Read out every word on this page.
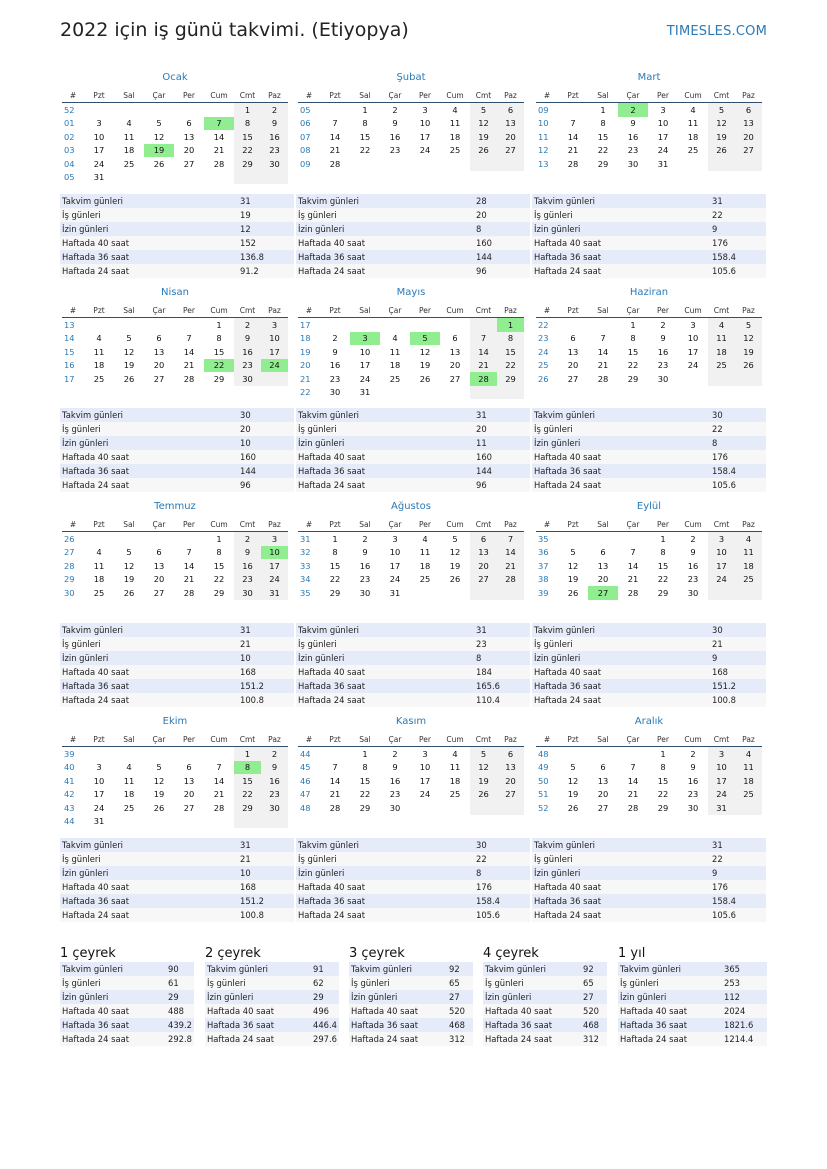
2022 için iş günü takvimi. (Etiyopya)	TIMESLES.COM
Ocak
#	Pzt	Sal	Çar	Per	Cum	Cmt	Paz
52						1	2
01	3	4	5	6	7	8	9
02	10	11	12	13	14	15	16
03	17	18	19	20	21	22	23
04	24	25	26	27	28	29	30
05	31						
Takvim günleri	31
İş günleri	19
İzin günleri	12
Haftada 40 saat	152
Haftada 36 saat	136.8
Haftada 24 saat	91.2
Şubat
#	Pzt	Sal	Çar	Per	Cum	Cmt	Paz
05		1	2	3	4	5	6
06	7	8	9	10	11	12	13
07	14	15	16	17	18	19	20
08	21	22	23	24	25	26	27
09	28						
Takvim günleri	28
İş günleri	20
İzin günleri	8
Haftada 40 saat	160
Haftada 36 saat	144
Haftada 24 saat	96
Mart
#	Pzt	Sal	Çar	Per	Cum	Cmt	Paz
09		1	2	3	4	5	6
10	7	8	9	10	11	12	13
11	14	15	16	17	18	19	20
12	21	22	23	24	25	26	27
13	28	29	30	31			
Takvim günleri	31
İş günleri	22
İzin günleri	9
Haftada 40 saat	176
Haftada 36 saat	158.4
Haftada 24 saat	105.6
Nisan
#	Pzt	Sal	Çar	Per	Cum	Cmt	Paz
13					1	2	3
14	4	5	6	7	8	9	10
15	11	12	13	14	15	16	17
16	18	19	20	21	22	23	24
17	25	26	27	28	29	30	
Takvim günleri	30
İş günleri	20
İzin günleri	10
Haftada 40 saat	160
Haftada 36 saat	144
Haftada 24 saat	96
Mayıs
#	Pzt	Sal	Çar	Per	Cum	Cmt	Paz
17							1
18	2	3	4	5	6	7	8
19	9	10	11	12	13	14	15
20	16	17	18	19	20	21	22
21	23	24	25	26	27	28	29
22	30	31					
Takvim günleri	31
İş günleri	20
İzin günleri	11
Haftada 40 saat	160
Haftada 36 saat	144
Haftada 24 saat	96
Haziran
#	Pzt	Sal	Çar	Per	Cum	Cmt	Paz
22			1	2	3	4	5
23	6	7	8	9	10	11	12
24	13	14	15	16	17	18	19
25	20	21	22	23	24	25	26
26	27	28	29	30			
Takvim günleri	30
İş günleri	22
İzin günleri	8
Haftada 40 saat	176
Haftada 36 saat	158.4
Haftada 24 saat	105.6
Temmuz
#	Pzt	Sal	Çar	Per	Cum	Cmt	Paz
26					1	2	3
27	4	5	6	7	8	9	10
28	11	12	13	14	15	16	17
29	18	19	20	21	22	23	24
30	25	26	27	28	29	30	31
Takvim günleri	31
İş günleri	21
İzin günleri	10
Haftada 40 saat	168
Haftada 36 saat	151.2
Haftada 24 saat	100.8
Ağustos
#	Pzt	Sal	Çar	Per	Cum	Cmt	Paz
31	1	2	3	4	5	6	7
32	8	9	10	11	12	13	14
33	15	16	17	18	19	20	21
34	22	23	24	25	26	27	28
35	29	30	31				
Takvim günleri	31
İş günleri	23
İzin günleri	8
Haftada 40 saat	184
Haftada 36 saat	165.6
Haftada 24 saat	110.4
Eylül
#	Pzt	Sal	Çar	Per	Cum	Cmt	Paz
35				1	2	3	4
36	5	6	7	8	9	10	11
37	12	13	14	15	16	17	18
38	19	20	21	22	23	24	25
39	26	27	28	29	30		
Takvim günleri	30
İş günleri	21
İzin günleri	9
Haftada 40 saat	168
Haftada 36 saat	151.2
Haftada 24 saat	100.8
Ekim
#	Pzt	Sal	Çar	Per	Cum	Cmt	Paz
39						1	2
40	3	4	5	6	7	8	9
41	10	11	12	13	14	15	16
42	17	18	19	20	21	22	23
43	24	25	26	27	28	29	30
44	31						
Takvim günleri	31
İş günleri	21
İzin günleri	10
Haftada 40 saat	168
Haftada 36 saat	151.2
Haftada 24 saat	100.8
Kasım
#	Pzt	Sal	Çar	Per	Cum	Cmt	Paz
44		1	2	3	4	5	6
45	7	8	9	10	11	12	13
46	14	15	16	17	18	19	20
47	21	22	23	24	25	26	27
48	28	29	30				
Takvim günleri	30
İş günleri	22
İzin günleri	8
Haftada 40 saat	176
Haftada 36 saat	158.4
Haftada 24 saat	105.6
Aralık
#	Pzt	Sal	Çar	Per	Cum	Cmt	Paz
48				1	2	3	4
49	5	6	7	8	9	10	11
50	12	13	14	15	16	17	18
51	19	20	21	22	23	24	25
52	26	27	28	29	30	31	
Takvim günleri	31
İş günleri	22
İzin günleri	9
Haftada 40 saat	176
Haftada 36 saat	158.4
Haftada 24 saat	105.6
1 çeyrek
Takvim günleri	90
İş günleri	61
İzin günleri	29
Haftada 40 saat	488
Haftada 36 saat	439.2
Haftada 24 saat	292.8
2 çeyrek
Takvim günleri	91
İş günleri	62
İzin günleri	29
Haftada 40 saat	496
Haftada 36 saat	446.4
Haftada 24 saat	297.6
3 çeyrek
Takvim günleri	92
İş günleri	65
İzin günleri	27
Haftada 40 saat	520
Haftada 36 saat	468
Haftada 24 saat	312
4 çeyrek
Takvim günleri	92
İş günleri	65
İzin günleri	27
Haftada 40 saat	520
Haftada 36 saat	468
Haftada 24 saat	312
1 yıl
Takvim günleri	365
İş günleri	253
İzin günleri	112
Haftada 40 saat	2024
Haftada 36 saat	1821.6
Haftada 24 saat	1214.4
